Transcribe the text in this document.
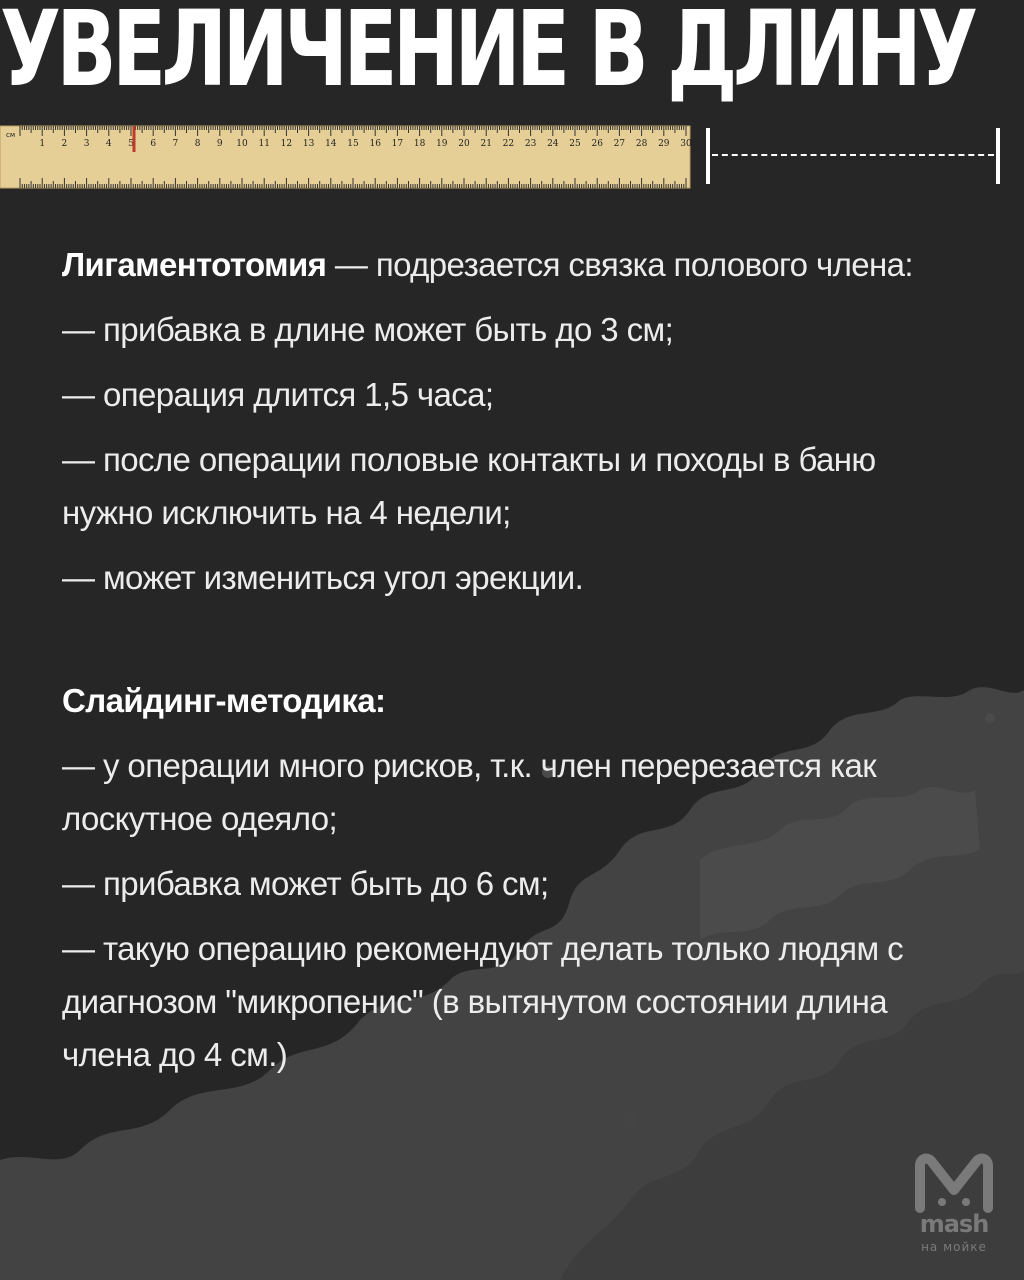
УВЕЛИЧЕНИЕ В ДЛИНУ
1 2 3 4 5 6 7 8 9 10 11 12 13 14 15 16 17 18 19 20 21 22 23 24 25 26 27 28 29 30
см

Лигаментотомия — подрезается связка полового члена:

— прибавка в длине может быть до 3 см;

— операция длится 1,5 часа;

— после операции половые контакты и походы в баню нужно исключить на 4 недели;

— может измениться угол эрекции.

Слайдинг-методика:

— у операции много рисков, т.к. член перерезается как лоскутное одеяло;

— прибавка может быть до 6 см;

— такую операцию рекомендуют делать только людям с диагнозом "микропенис" (в вытянутом состоянии длина члена до 4 см.)

mash
на мойке
